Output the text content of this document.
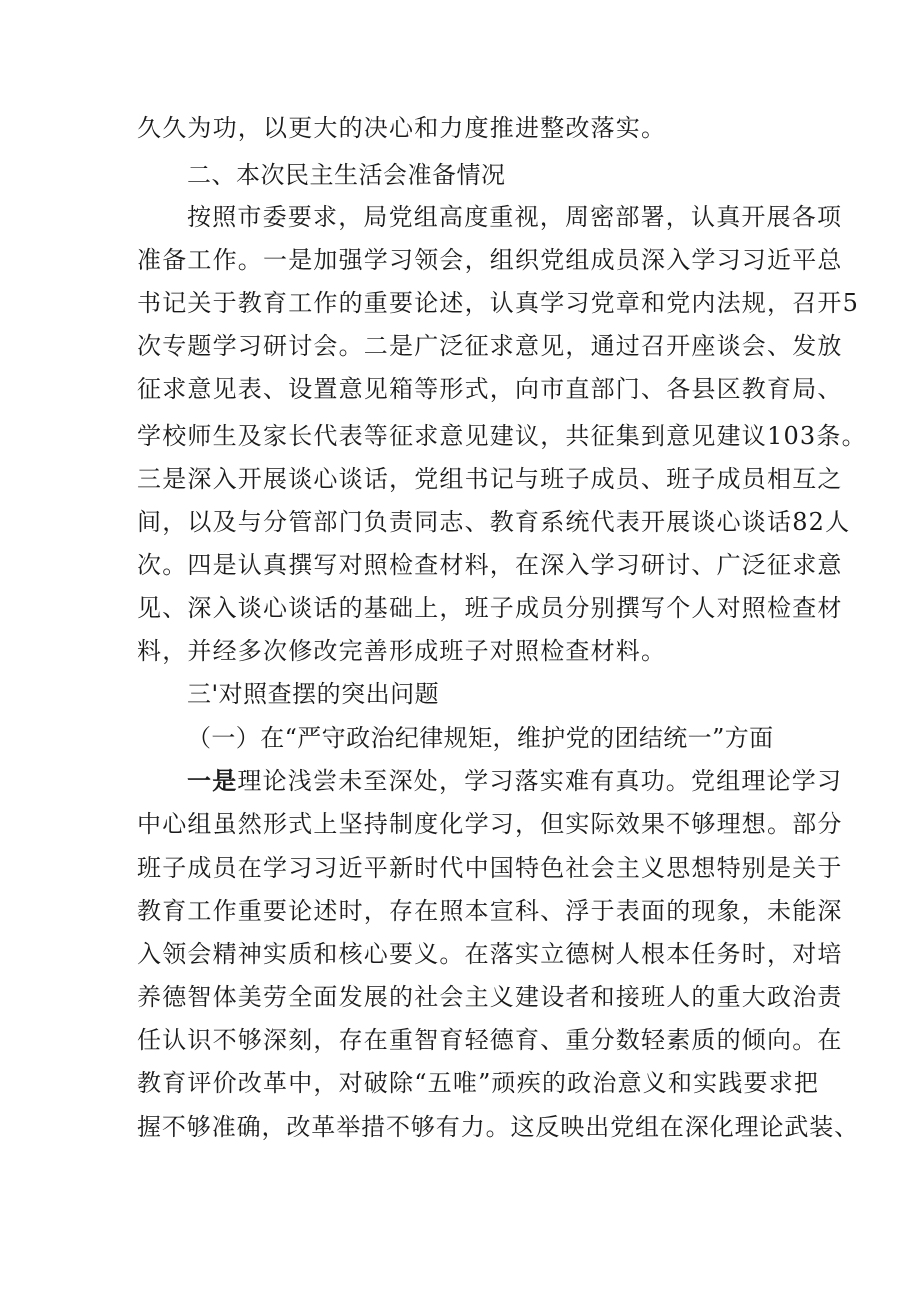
久久为功，以更大的决心和力度推进整改落实。
二、本次民主生活会准备情况
按照市委要求，局党组高度重视，周密部署，认真开展各项
准备工作。一是加强学习领会，组织党组成员深入学习习近平总
书记关于教育工作的重要论述，认真学习党章和党内法规，召开5
次专题学习研讨会。二是广泛征求意见，通过召开座谈会、发放
征求意见表、设置意见箱等形式，向市直部门、各县区教育局、
学校师生及家长代表等征求意见建议，共征集到意见建议103条。
三是深入开展谈心谈话，党组书记与班子成员、班子成员相互之
间，以及与分管部门负责同志、教育系统代表开展谈心谈话82人
次。四是认真撰写对照检查材料，在深入学习研讨、广泛征求意
见、深入谈心谈话的基础上，班子成员分别撰写个人对照检查材
料，并经多次修改完善形成班子对照检查材料。
三'对照查摆的突出问题
（一）在“严守政治纪律规矩，维护党的团结统一”方面
一是理论浅尝未至深处，学习落实难有真功。党组理论学习
中心组虽然形式上坚持制度化学习，但实际效果不够理想。部分
班子成员在学习习近平新时代中国特色社会主义思想特别是关于
教育工作重要论述时，存在照本宣科、浮于表面的现象，未能深
入领会精神实质和核心要义。在落实立德树人根本任务时，对培
养德智体美劳全面发展的社会主义建设者和接班人的重大政治责
任认识不够深刻，存在重智育轻德育、重分数轻素质的倾向。在
教育评价改革中，对破除“五唯”顽疾的政治意义和实践要求把
握不够准确，改革举措不够有力。这反映出党组在深化理论武装、
